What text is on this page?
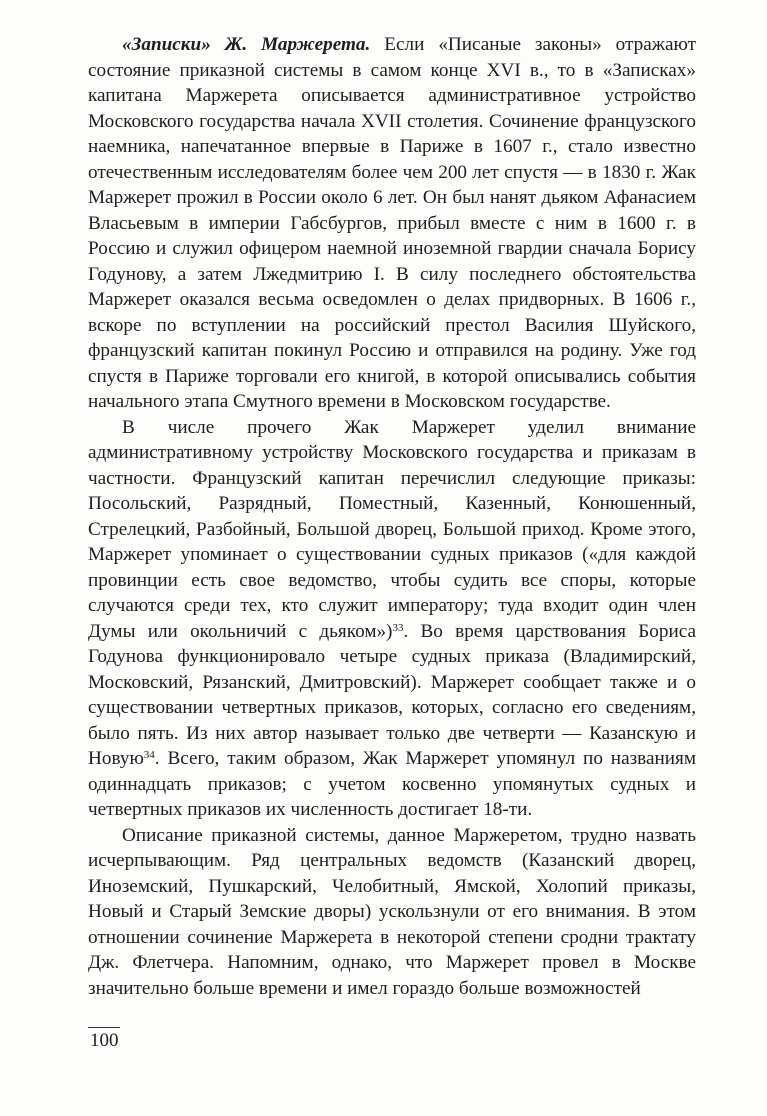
«Записки» Ж. Маржерета. Если «Писаные законы» отражают состояние приказной системы в самом конце XVI в., то в «Записках» капитана Маржерета описывается административное устройство Московского государства начала XVII столетия. Сочинение французского наемника, напечатанное впервые в Париже в 1607 г., стало известно отечественным исследователям более чем 200 лет спустя — в 1830 г. Жак Маржерет прожил в России около 6 лет. Он был нанят дьяком Афанасием Власьевым в империи Габсбургов, прибыл вместе с ним в 1600 г. в Россию и служил офицером наемной иноземной гвардии сначала Борису Годунову, а затем Лжедмитрию I. В силу последнего обстоятельства Маржерет оказался весьма осведомлен о делах придворных. В 1606 г., вскоре по вступлении на российский престол Василия Шуйского, французский капитан покинул Россию и отправился на родину. Уже год спустя в Париже торговали его книгой, в которой описывались события начального этапа Смутного времени в Московском государстве.

В числе прочего Жак Маржерет уделил внимание административному устройству Московского государства и приказам в частности. Французский капитан перечислил следующие приказы: Посольский, Разрядный, Поместный, Казенный, Конюшенный, Стрелецкий, Разбойный, Большой дворец, Большой приход. Кроме этого, Маржерет упоминает о существовании судных приказов («для каждой провинции есть свое ведомство, чтобы судить все споры, которые случаются среди тех, кто служит императору; туда входит один член Думы или окольничий с дьяком»)$^{33}$. Во время царствования Бориса Годунова функционировало четыре судных приказа (Владимирский, Московский, Рязанский, Дмитровский). Маржерет сообщает также и о существовании четвертных приказов, которых, согласно его сведениям, было пять. Из них автор называет только две четверти — Казанскую и Новую$^{34}$. Всего, таким образом, Жак Маржерет упомянул по названиям одиннадцать приказов; с учетом косвенно упомянутых судных и четвертных приказов их численность достигает 18-ти.

Описание приказной системы, данное Маржеретом, трудно назвать исчерпывающим. Ряд центральных ведомств (Казанский дворец, Иноземский, Пушкарский, Челобитный, Ямской, Холопий приказы, Новый и Старый Земские дворы) ускользнули от его внимания. В этом отношении сочинение Маржерета в некоторой степени сродни трактату Дж. Флетчера. Напомним, однако, что Маржерет провел в Москве значительно больше времени и имел гораздо больше возможностей

100
